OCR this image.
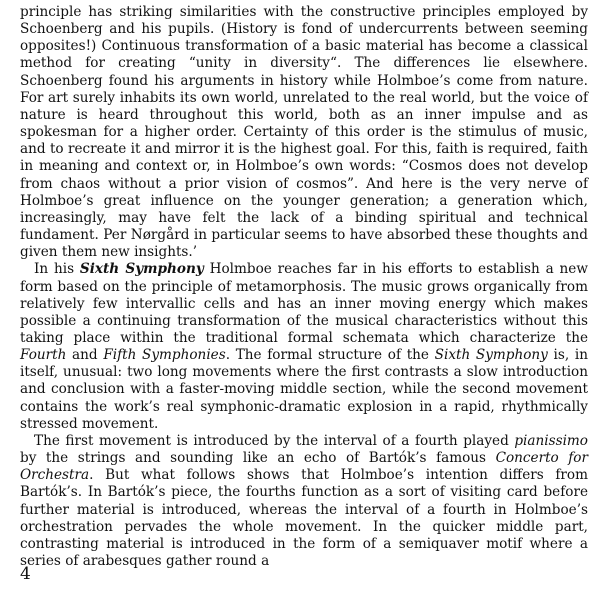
principle has striking similarities with the constructive principles employed by Schoenberg and his pupils. (History is fond of undercurrents between seeming opposites!) Continuous transformation of a basic material has become a classical method for creating “unity in diversity“. The differences lie elsewhere. Schoenberg found his arguments in history while Holmboe’s come from nature. For art surely inhabits its own world, unrelated to the real world, but the voice of nature is heard throughout this world, both as an inner impulse and as spokesman for a higher order. Certainty of this order is the stimulus of music, and to recreate it and mirror it is the highest goal. For this, faith is required, faith in meaning and context or, in Holmboe’s own words: “Cosmos does not develop from chaos without a prior vision of cosmos”. And here is the very nerve of Holmboe’s great influence on the younger generation; a generation which, increasingly, may have felt the lack of a binding spiritual and technical fundament. Per Nørgård in particular seems to have absorbed these thoughts and given them new insights.’

In his Sixth Symphony Holmboe reaches far in his efforts to establish a new form based on the principle of metamorphosis. The music grows organically from relatively few intervallic cells and has an inner moving energy which makes possible a continuing transformation of the musical characteristics without this taking place within the traditional formal schemata which characterize the Fourth and Fifth Symphonies. The formal structure of the Sixth Symphony is, in itself, unusual: two long movements where the first contrasts a slow introduction and conclusion with a faster-moving middle section, while the second movement contains the work’s real symphonic-dramatic explosion in a rapid, rhythmically stressed movement.

The first movement is introduced by the interval of a fourth played pianissimo by the strings and sounding like an echo of Bartók’s famous Concerto for Orchestra. But what follows shows that Holmboe’s intention differs from Bartók’s. In Bartók’s piece, the fourths function as a sort of visiting card before further material is introduced, whereas the interval of a fourth in Holmboe’s orchestration pervades the whole movement. In the quicker middle part, contrasting material is introduced in the form of a semiquaver motif where a series of arabesques gather round a

4
